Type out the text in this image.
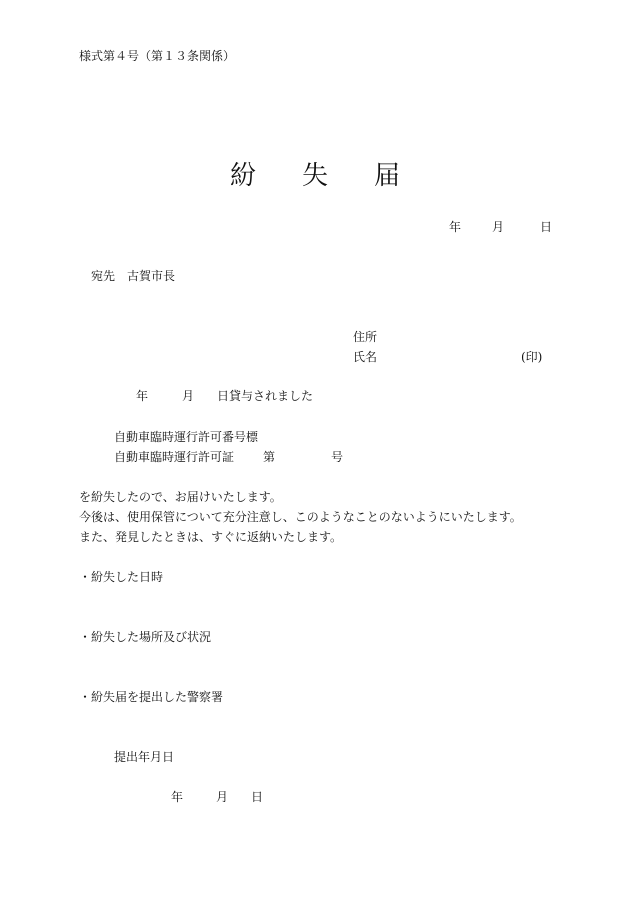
様式第４号（第１３条関係）
紛 失 届
年	月	日
宛先 古賀市長
住所
氏名	(印)
年	月 日貸与されました
自動車臨時運行許可番号標
自動車臨時運行許可証 第	号
を紛失したので、お届けいたします。
今後は、使用保管について充分注意し、このようなことのないようにいたします。
また、発見したときは、すぐに返納いたします。
・紛失した日時
・紛失した場所及び状況
・紛失届を提出した警察署
提出年月日
年	月 日
